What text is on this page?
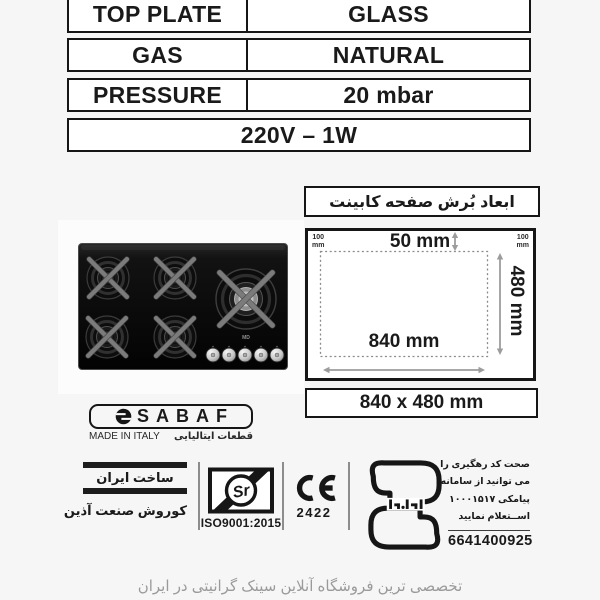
TOP PLATE	GLASS
GAS	NATURAL
PRESSURE	20 mbar
220V – 1W
MD
ابعاد بُرش صفحه کابینت
100
mm
100
mm
50 mm
480 mm
840 mm
840 x 480 mm
SABAF
MADE IN ITALY قطعات ایتالیایی
ساخت ایران
کوروش صنعت آذین
Sr
ISO9001:2015
2422
صحت کد رهگیری را
می توانید از سامانه
پیامکی ۱۰۰۰۱۵۱۷
اســتعلام نمایید
6641400925
تخصصی ترین فروشگاه آنلاین سینک گرانیتی در ایران
